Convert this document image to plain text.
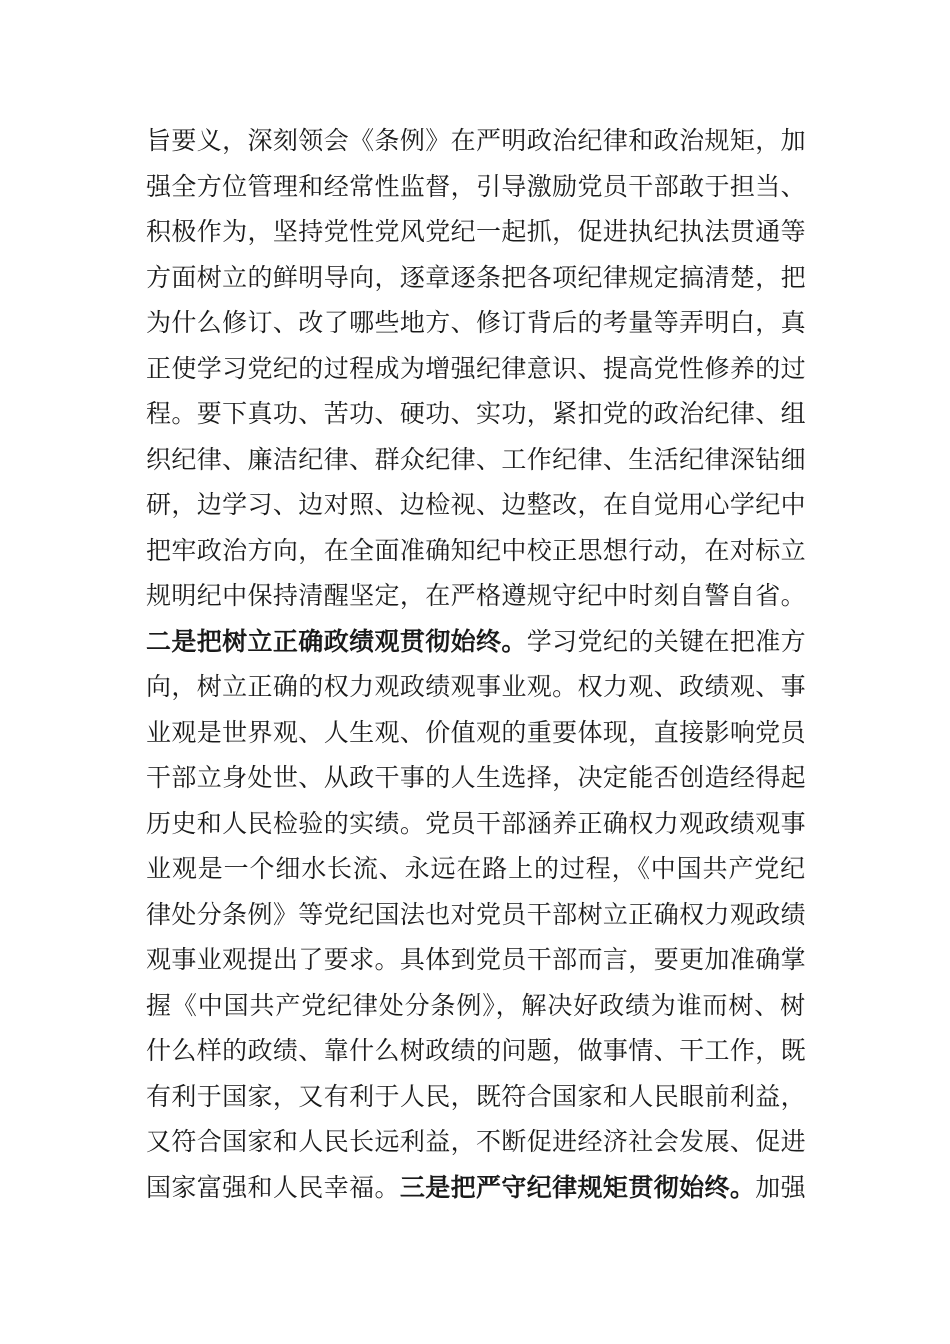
旨要义，深刻领会《条例》在严明政治纪律和政治规矩，加
强全方位管理和经常性监督，引导激励党员干部敢于担当、
积极作为，坚持党性党风党纪一起抓，促进执纪执法贯通等
方面树立的鲜明导向，逐章逐条把各项纪律规定搞清楚，把
为什么修订、改了哪些地方、修订背后的考量等弄明白，真
正使学习党纪的过程成为增强纪律意识、提高党性修养的过
程。要下真功、苦功、硬功、实功，紧扣党的政治纪律、组
织纪律、廉洁纪律、群众纪律、工作纪律、生活纪律深钻细
研，边学习、边对照、边检视、边整改，在自觉用心学纪中
把牢政治方向，在全面准确知纪中校正思想行动，在对标立
规明纪中保持清醒坚定，在严格遵规守纪中时刻自警自省。
二是把树立正确政绩观贯彻始终。学习党纪的关键在把准方
向，树立正确的权力观政绩观事业观。权力观、政绩观、事
业观是世界观、人生观、价值观的重要体现，直接影响党员
干部立身处世、从政干事的人生选择，决定能否创造经得起
历史和人民检验的实绩。党员干部涵养正确权力观政绩观事
业观是一个细水长流、永远在路上的过程，《中国共产党纪
律处分条例》等党纪国法也对党员干部树立正确权力观政绩
观事业观提出了要求。具体到党员干部而言，要更加准确掌
握《中国共产党纪律处分条例》，解决好政绩为谁而树、树
什么样的政绩、靠什么树政绩的问题，做事情、干工作，既
有利于国家，又有利于人民，既符合国家和人民眼前利益，
又符合国家和人民长远利益，不断促进经济社会发展、促进
国家富强和人民幸福。三是把严守纪律规矩贯彻始终。加强
